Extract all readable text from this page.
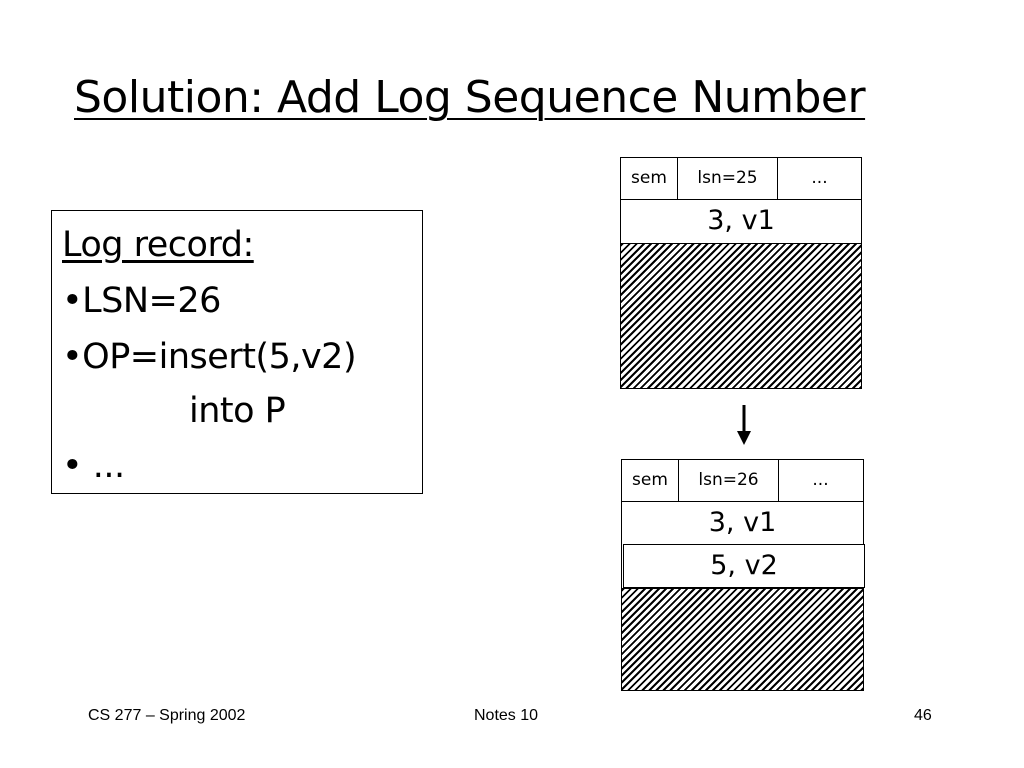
Solution: Add Log Sequence Number
Log record:
•LSN=26
•OP=insert(5,v2)
into P
• ...
sem	lsn=25	...
3, v1
sem	lsn=26	...
3, v1
5, v2
CS 277 – Spring 2002	Notes 10	46
